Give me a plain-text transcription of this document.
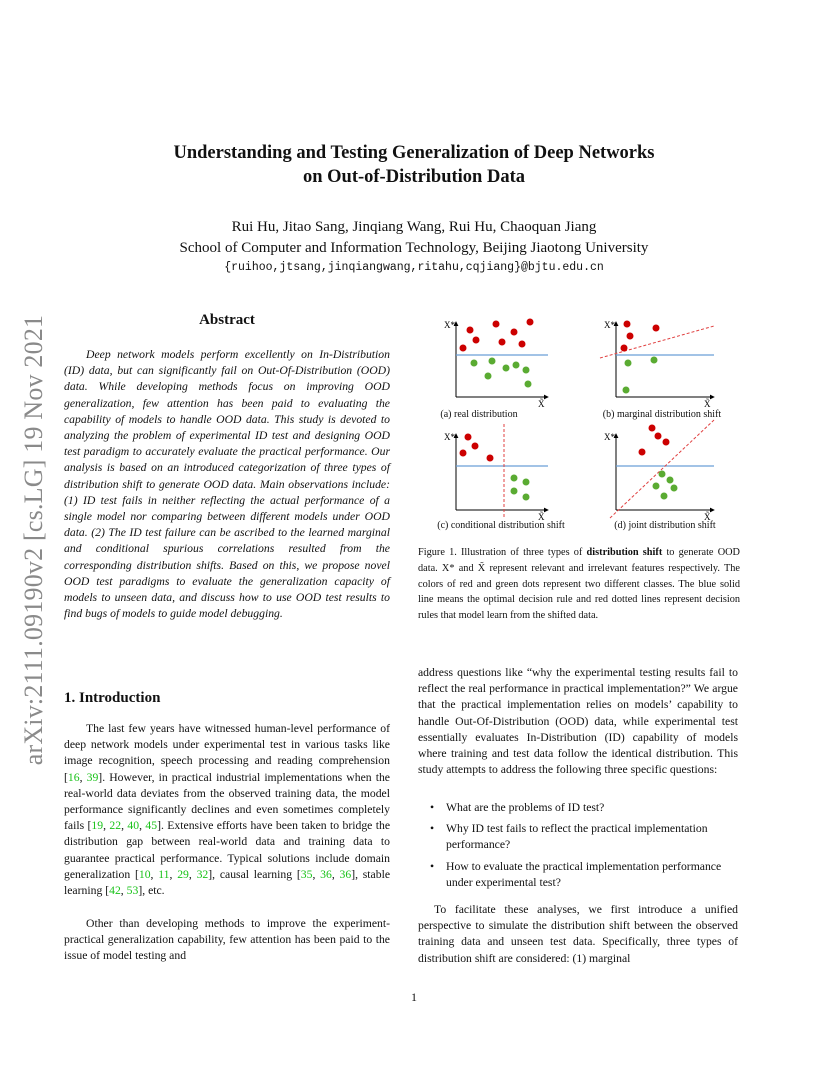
arXiv:2111.09190v2 [cs.LG] 19 Nov 2021
Understanding and Testing Generalization of Deep Networks
on Out-of-Distribution Data
Rui Hu, Jitao Sang, Jinqiang Wang, Rui Hu, Chaoquan Jiang
School of Computer and Information Technology, Beijing Jiaotong University
{ruihoo,jtsang,jinqiangwang,ritahu,cqjiang}@bjtu.edu.cn
Abstract
Deep network models perform excellently on In-Distribution (ID) data, but can significantly fail on Out-Of-Distribution (OOD) data. While developing methods focus on improving OOD generalization, few attention has been paid to evaluating the capability of models to handle OOD data. This study is devoted to analyzing the problem of experimental ID test and designing OOD test paradigm to accurately evaluate the practical performance. Our analysis is based on an introduced categorization of three types of distribution shift to generate OOD data. Main observations include: (1) ID test fails in neither reflecting the actual performance of a single model nor comparing between different models under OOD data. (2) The ID test failure can be ascribed to the learned marginal and conditional spurious correlations resulted from the corresponding distribution shifts. Based on this, we propose novel OOD test paradigms to evaluate the generalization capacity of models to unseen data, and discuss how to use OOD test results to find bugs of models to guide model debugging.
1. Introduction
The last few years have witnessed human-level performance of deep network models under experimental test in various tasks like image recognition, speech processing and reading comprehension [16, 39]. However, in practical industrial implementations when the real-world data deviates from the observed training data, the model performance significantly declines and even sometimes completely fails [19, 22, 40, 45]. Extensive efforts have been taken to bridge the distribution gap between real-world data and training data to guarantee practical performance. Typical solutions include domain generalization [10, 11, 29, 32], causal learning [35, 36, 36], stable learning [42, 53], etc.
Other than developing methods to improve the experiment-practical generalization capability, few attention has been paid to the issue of model testing and
X*
X̃
X*
X̃
X*
X̃
X*
X̃
(a) real distribution	(b) marginal distribution shift
(c) conditional distribution shift	(d) joint distribution shift
Figure 1. Illustration of three types of distribution shift to generate OOD data. X* and X̃ represent relevant and irrelevant features respectively. The colors of red and green dots represent two different classes. The blue solid line means the optimal decision rule and red dotted lines represent decision rules that model learn from the shifted data.
address questions like “why the experimental testing results fail to reflect the real performance in practical implementation?” We argue that the practical implementation relies on models’ capability to handle Out-Of-Distribution (OOD) data, while experimental test essentially evaluates In-Distribution (ID) capability of models where training and test data follow the identical distribution. This study attempts to address the following three specific questions:
• What are the problems of ID test?
• Why ID test fails to reflect the practical implementation performance?
• How to evaluate the practical implementation performance under experimental test?
To facilitate these analyses, we first introduce a unified perspective to simulate the distribution shift between the observed training data and unseen test data. Specifically, three types of distribution shift are considered: (1) marginal
1
